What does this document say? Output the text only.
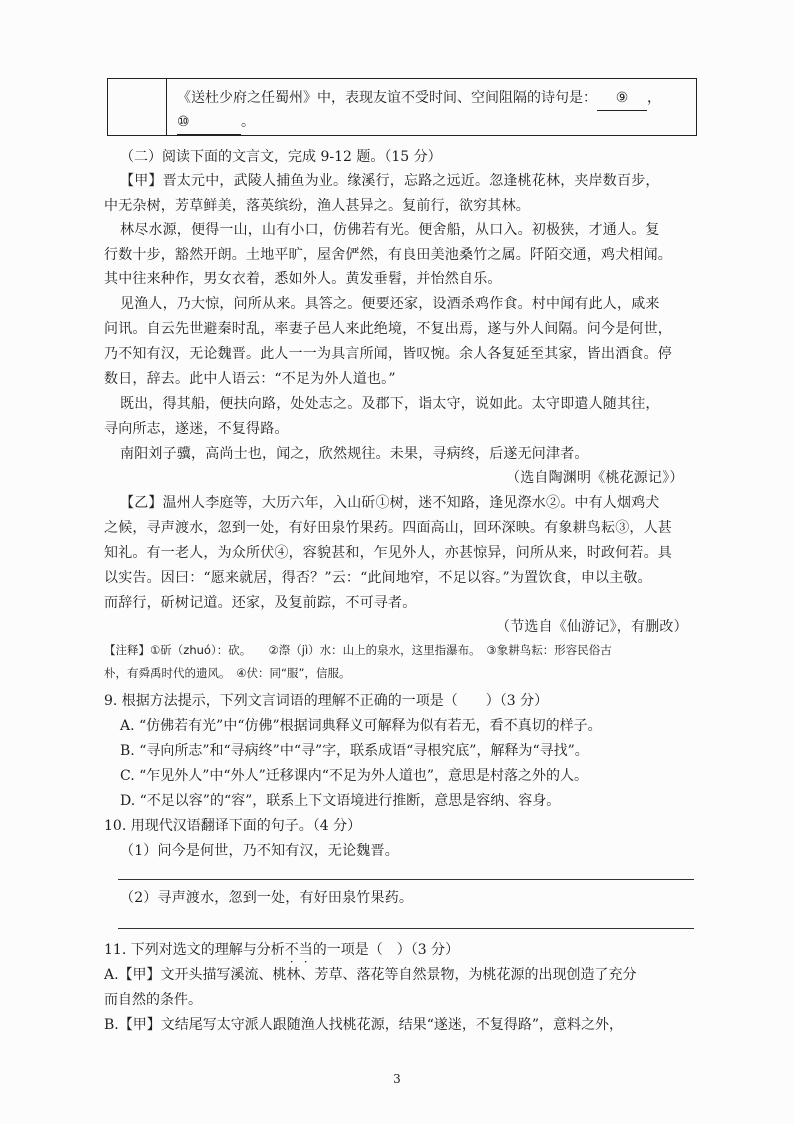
《送杜少府之任蜀州》中，表现友谊不受时间、空间阻隔的诗句是： ⑨ ，
⑩	。
（二）阅读下面的文言文，完成 9-12 题。（15 分）
【甲】晋太元中，武陵人捕鱼为业。缘溪行，忘路之远近。忽逢桃花林，夹岸数百步，
中无杂树，芳草鲜美，落英缤纷，渔人甚异之。复前行，欲穷其林。
林尽水源，便得一山，山有小口，仿佛若有光。便舍船，从口入。初极狭，才通人。复
行数十步，豁然开朗。土地平旷，屋舍俨然，有良田美池桑竹之属。阡陌交通，鸡犬相闻。
其中往来种作，男女衣着，悉如外人。黄发垂髫，并怡然自乐。
见渔人，乃大惊，问所从来。具答之。便要还家，设酒杀鸡作食。村中闻有此人，咸来
问讯。自云先世避秦时乱，率妻子邑人来此绝境，不复出焉，遂与外人间隔。问今是何世，
乃不知有汉，无论魏晋。此人一一为具言所闻，皆叹惋。余人各复延至其家，皆出酒食。停
数日，辞去。此中人语云：“不足为外人道也。”
既出，得其船，便扶向路，处处志之。及郡下，诣太守，说如此。太守即遣人随其往，
寻向所志，遂迷，不复得路。
南阳刘子骥，高尚士也，闻之，欣然规往。未果，寻病终，后遂无问津者。
（选自陶渊明《桃花源记》）
【乙】温州人李庭等，大历六年，入山斫①树，迷不知路，逢见漈水②。中有人烟鸡犬
之候，寻声渡水，忽到一处，有好田泉竹果药。四面高山，回环深映。有象耕鸟耘③，人甚
知礼。有一老人，为众所伏④，容貌甚和，乍见外人，亦甚惊异，问所从来，时政何若。具
以实告。因曰：“愿来就居，得否？”云：“此间地窄，不足以容。”为置饮食，申以主敬。
而辞行，斫树记道。还家，及复前踪，不可寻者。
（节选自《仙游记》，有删改）
【注释】①斫（zhuó）：砍。　　②漈（jì）水：山上的泉水，这里指瀑布。　③象耕鸟耘：形容民俗古
朴，有舜禹时代的遗风。　④伏：同“服”，信服。
9. 根据方法提示，下列文言词语的理解不正确的一项是（　　）（3 分）
A. “仿佛若有光”中“仿佛”根据词典释义可解释为似有若无，看不真切的样子。
B. “寻向所志”和“寻病终”中“寻”字，联系成语“寻根究底”，解释为“寻找”。
C. “乍见外人”中“外人”迁移课内“不足为外人道也”，意思是村落之外的人。
D. “不足以容”的“容”，联系上下文语境进行推断，意思是容纳、容身。
10. 用现代汉语翻译下面的句子。（4 分）
（1）问今是何世，乃不知有汉，无论魏晋。
（2）寻声渡水，忽到一处，有好田泉竹果药。
11. 下列对选文的理解与分析不当的一项是（　）（3 分）
A.【甲】文开头描写溪流、桃林、芳草、落花等自然景物，为桃花源的出现创造了充分
而自然的条件。
B.【甲】文结尾写太守派人跟随渔人找桃花源，结果“遂迷，不复得路”，意料之外，
3
